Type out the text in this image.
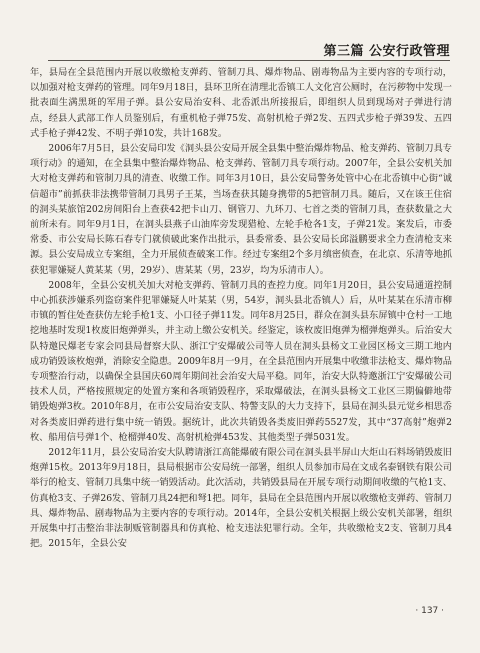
第三篇 公安行政管理

年，县局在全县范围内开展以收缴枪支弹药、管制刀具、爆炸物品、剧毒物品为主要内容的专项行动，以加强对枪支弹药的管理。同年9月18日，县环卫所在清理北岙镇工人文化宫公厕时，在污秽物中发现一批表面生满黑斑的军用子弹。县公安局治安科、北岙派出所接报后，即组织人员到现场对子弹进行清点，经县人武部工作人员鉴别后，有重机枪子弹75发、高射机枪子弹2发、五四式步枪子弹39发、五四式手枪子弹42发、不明子弹10发，共计168发。

2006年7月5日，县公安局印发《洞头县公安局开展全县集中整治爆炸物品、枪支弹药、管制刀具专项行动》的通知，在全县集中整治爆炸物品、枪支弹药、管制刀具专项行动。2007年，全县公安机关加大对枪支弹药和管制刀具的清查、收缴工作。同年3月10日，县公安局警务处管中心在北岙镇中心街“诚信超市”前抓获非法携带管制刀具男子王某，当场查获其随身携带的5把管制刀具。随后，又在该王住宿的洞头某旅馆202房间阳台上查获42把卡山刀、钢管刀、九环刀、七首之类的管制刀具，查获数量之大前所未有。同年9月1日，在洞头县燕子山油库旁发现猎枪、左轮手枪各1支，子弹21发。案发后，市委常委、市公安局长陈石春专门就侦破此案作出批示，县委常委、县公安局长邱溢鹏要求全力查清枪支来源。县公安局成立专案组，全力开展侦查破案工作。经过专案组2个多月缜密侦查，在北京、乐清等地抓获犯罪嫌疑人黄某某（男，29岁）、唐某某（男，23岁，均为乐清市人）。

2008年，全县公安机关加大对枪支弹药、管制刀具的查控力度。同年1月20日，县公安局通道控制中心抓获涉嫌系列盗窃案件犯罪嫌疑人叶某某（男，54岁，洞头县北岙镇人）后，从叶某某在乐清市柳市镇的暂住处查获仿左轮手枪1支、小口径子弹11发。同年8月25日，群众在洞头县东屏镇中仓村一工地挖地基时发现1枚废旧炮弹弹头，并主动上缴公安机关。经鉴定，该枚废旧炮弹为榴弹炮弹头。后治安大队特邀民爆老专家会同县局督察大队、浙江宁安爆破公司等人员在洞头县杨文工业园区杨文三期工地内成功销毁该枚炮弹，消除安全隐患。2009年8月一9月，在全县范围内开展集中收缴非法枪支、爆炸物品专项整治行动，以确保全县国庆60周年期间社会治安大局平稳。同年，治安大队特邀浙江宁安爆破公司技术人员，严格按照规定的处置方案和各项销毁程序，采取爆破法，在洞头县杨文工业区三期偏僻地带销毁炮弹3枚。2010年8月，在市公安局治安支队、特警支队的大力支持下，县局在洞头县元觉乡相思岙对各类废旧弹药进行集中统一销毁。据统计，此次共销毁各类废旧弹药5527发，其中“37高射”炮弹2枚、船用信号弹1个、枪榴弹40发、高射机枪弹453发、其他类型子弹5031发。

2012年11月，县公安局治安大队聘请浙江高能爆破有限公司在洞头县半屏山大炬山石料场销毁废旧炮弹15枚。2013年9月18日，县局根据市公安局统一部署，组织人员参加市局在文成名泰钢铁有限公司举行的枪支、管制刀具集中统一销毁活动。此次活动，共销毁县局在开展专项行动期间收缴的气枪1支、仿真枪3支、子弹26发、管制刀具24把和弩1把。同年，县局在全县范围内开展以收缴枪支弹药、管制刀具、爆炸物品、剧毒物品为主要内容的专项行动。2014年，全县公安机关根据上级公安机关部署，组织开展集中打击整治非法制贩管制器具和仿真枪、枪支违法犯罪行动。全年，共收缴枪支2支、管制刀具4把。2015年，全县公安

· 137 ·
